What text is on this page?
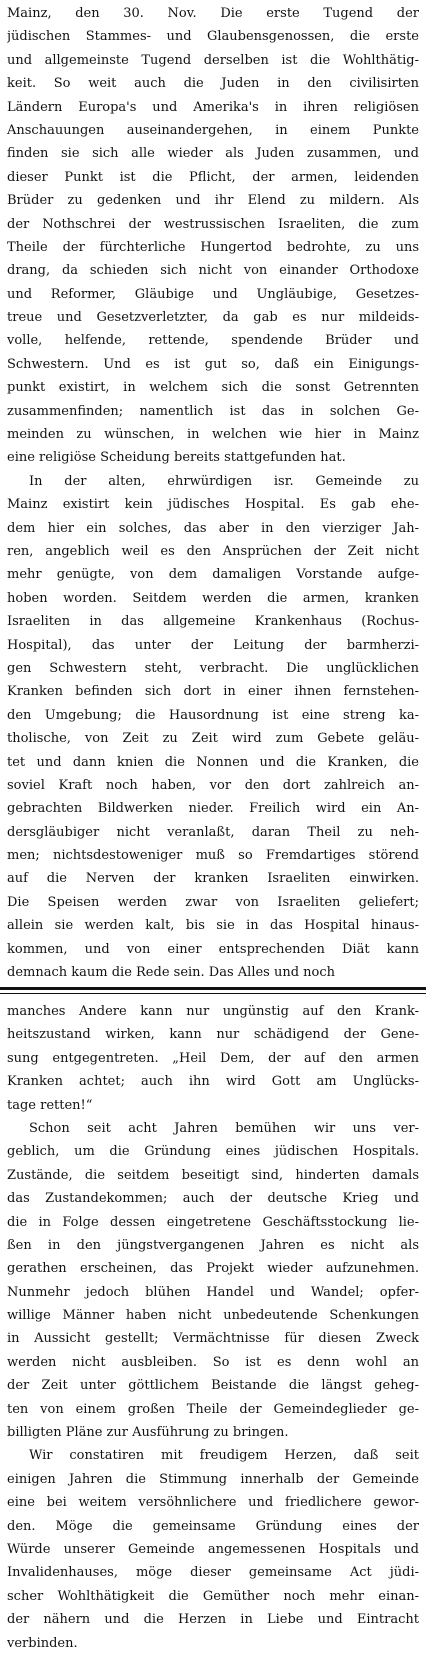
Mainz, den 30. Nov. Die erste Tugend der
jüdischen Stammes- und Glaubensgenossen, die erste
und allgemeinste Tugend derselben ist die Wohlthätig-
keit. So weit auch die Juden in den civilisirten
Ländern Europa's und Amerika's in ihren religiösen
Anschauungen auseinandergehen, in einem Punkte
finden sie sich alle wieder als Juden zusammen, und
dieser Punkt ist die Pflicht, der armen, leidenden
Brüder zu gedenken und ihr Elend zu mildern. Als
der Nothschrei der westrussischen Israeliten, die zum
Theile der fürchterliche Hungertod bedrohte, zu uns
drang, da schieden sich nicht von einander Orthodoxe
und Reformer, Gläubige und Ungläubige, Gesetzes-
treue und Gesetzverletzter, da gab es nur mildeids-
volle, helfende, rettende, spendende Brüder und
Schwestern. Und es ist gut so, daß ein Einigungs-
punkt existirt, in welchem sich die sonst Getrennten
zusammenfinden; namentlich ist das in solchen Ge-
meinden zu wünschen, in welchen wie hier in Mainz
eine religiöse Scheidung bereits stattgefunden hat.
In der alten, ehrwürdigen isr. Gemeinde zu
Mainz existirt kein jüdisches Hospital. Es gab ehe-
dem hier ein solches, das aber in den vierziger Jah-
ren, angeblich weil es den Ansprüchen der Zeit nicht
mehr genügte, von dem damaligen Vorstande aufge-
hoben worden. Seitdem werden die armen, kranken
Israeliten in das allgemeine Krankenhaus (Rochus-
Hospital), das unter der Leitung der barmherzi-
gen Schwestern steht, verbracht. Die unglücklichen
Kranken befinden sich dort in einer ihnen fernstehen-
den Umgebung; die Hausordnung ist eine streng ka-
tholische, von Zeit zu Zeit wird zum Gebete geläu-
tet und dann knien die Nonnen und die Kranken, die
soviel Kraft noch haben, vor den dort zahlreich an-
gebrachten Bildwerken nieder. Freilich wird ein An-
dersgläubiger nicht veranlaßt, daran Theil zu neh-
men; nichtsdestoweniger muß so Fremdartiges störend
auf die Nerven der kranken Israeliten einwirken.
Die Speisen werden zwar von Israeliten geliefert;
allein sie werden kalt, bis sie in das Hospital hinaus-
kommen, und von einer entsprechenden Diät kann
demnach kaum die Rede sein. Das Alles und noch
manches Andere kann nur ungünstig auf den Krank-
heitszustand wirken, kann nur schädigend der Gene-
sung entgegentreten. „Heil Dem, der auf den armen
Kranken achtet; auch ihn wird Gott am Unglücks-
tage retten!“
Schon seit acht Jahren bemühen wir uns ver-
geblich, um die Gründung eines jüdischen Hospitals.
Zustände, die seitdem beseitigt sind, hinderten damals
das Zustandekommen; auch der deutsche Krieg und
die in Folge dessen eingetretene Geschäftsstockung lie-
ßen in den jüngstvergangenen Jahren es nicht als
gerathen erscheinen, das Projekt wieder aufzunehmen.
Nunmehr jedoch blühen Handel und Wandel; opfer-
willige Männer haben nicht unbedeutende Schenkungen
in Aussicht gestellt; Vermächtnisse für diesen Zweck
werden nicht ausbleiben. So ist es denn wohl an
der Zeit unter göttlichem Beistande die längst geheg-
ten von einem großen Theile der Gemeindeglieder ge-
billigten Pläne zur Ausführung zu bringen.
Wir constatiren mit freudigem Herzen, daß seit
einigen Jahren die Stimmung innerhalb der Gemeinde
eine bei weitem versöhnlichere und friedlichere gewor-
den. Möge die gemeinsame Gründung eines der
Würde unserer Gemeinde angemessenen Hospitals und
Invalidenhauses, möge dieser gemeinsame Act jüdi-
scher Wohlthätigkeit die Gemüther noch mehr einan-
der nähern und die Herzen in Liebe und Eintracht
verbinden.
